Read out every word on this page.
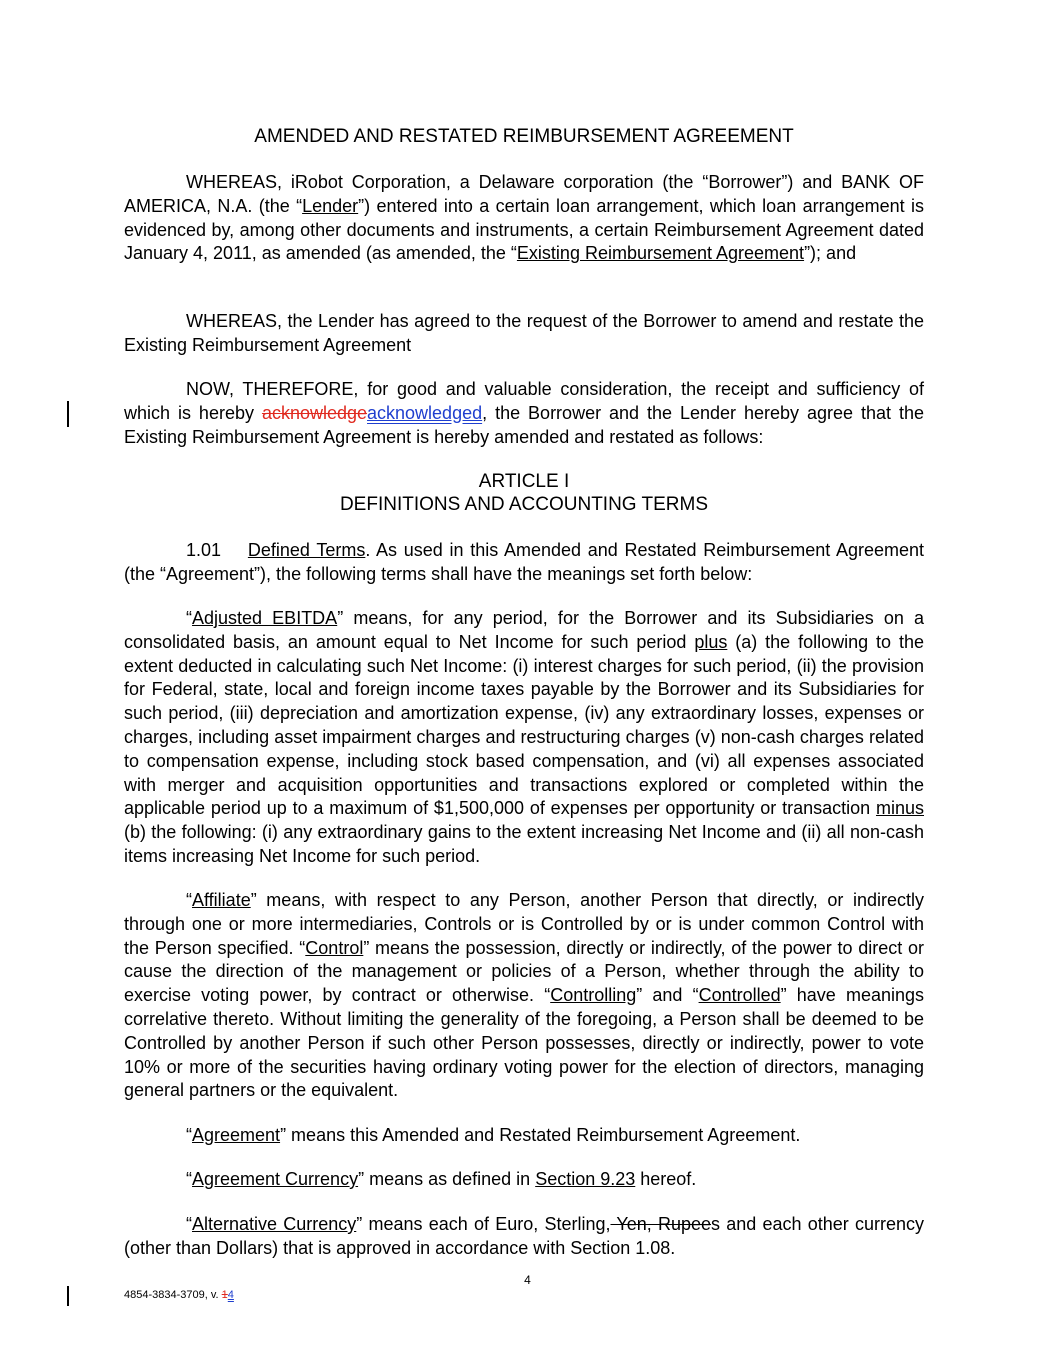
AMENDED AND RESTATED REIMBURSEMENT AGREEMENT

WHEREAS, iRobot Corporation, a Delaware corporation (the “Borrower”) and BANK OF AMERICA, N.A. (the “Lender”) entered into a certain loan arrangement, which loan arrangement is evidenced by, among other documents and instruments, a certain Reimbursement Agreement dated January 4, 2011, as amended (as amended, the “Existing Reimbursement Agreement”); and

WHEREAS, the Lender has agreed to the request of the Borrower to amend and restate the Existing Reimbursement Agreement

NOW, THEREFORE, for good and valuable consideration, the receipt and sufficiency of which is hereby acknowledgeacknowledged, the Borrower and the Lender hereby agree that the Existing Reimbursement Agreement is hereby amended and restated as follows:

ARTICLE I
DEFINITIONS AND ACCOUNTING TERMS

1.01 Defined Terms. As used in this Amended and Restated Reimbursement Agreement (the “Agreement”), the following terms shall have the meanings set forth below:

“Adjusted EBITDA” means, for any period, for the Borrower and its Subsidiaries on a consolidated basis, an amount equal to Net Income for such period plus (a) the following to the extent deducted in calculating such Net Income: (i) interest charges for such period, (ii) the provision for Federal, state, local and foreign income taxes payable by the Borrower and its Subsidiaries for such period, (iii) depreciation and amortization expense, (iv) any extraordinary losses, expenses or charges, including asset impairment charges and restructuring charges (v) non-cash charges related to compensation expense, including stock based compensation, and (vi) all expenses associated with merger and acquisition opportunities and transactions explored or completed within the applicable period up to a maximum of $1,500,000 of expenses per opportunity or transaction minus (b) the following: (i) any extraordinary gains to the extent increasing Net Income and (ii) all non-cash items increasing Net Income for such period.

“Affiliate” means, with respect to any Person, another Person that directly, or indirectly through one or more intermediaries, Controls or is Controlled by or is under common Control with the Person specified. “Control” means the possession, directly or indirectly, of the power to direct or cause the direction of the management or policies of a Person, whether through the ability to exercise voting power, by contract or otherwise. “Controlling” and “Controlled” have meanings correlative thereto. Without limiting the generality of the foregoing, a Person shall be deemed to be Controlled by another Person if such other Person possesses, directly or indirectly, power to vote 10% or more of the securities having ordinary voting power for the election of directors, managing general partners or the equivalent.

“Agreement” means this Amended and Restated Reimbursement Agreement.

“Agreement Currency” means as defined in Section 9.23 hereof.

“Alternative Currency” means each of Euro, Sterling, Yen, Rupees and each other currency (other than Dollars) that is approved in accordance with Section 1.08.

4
4854-3834-3709, v. 14
